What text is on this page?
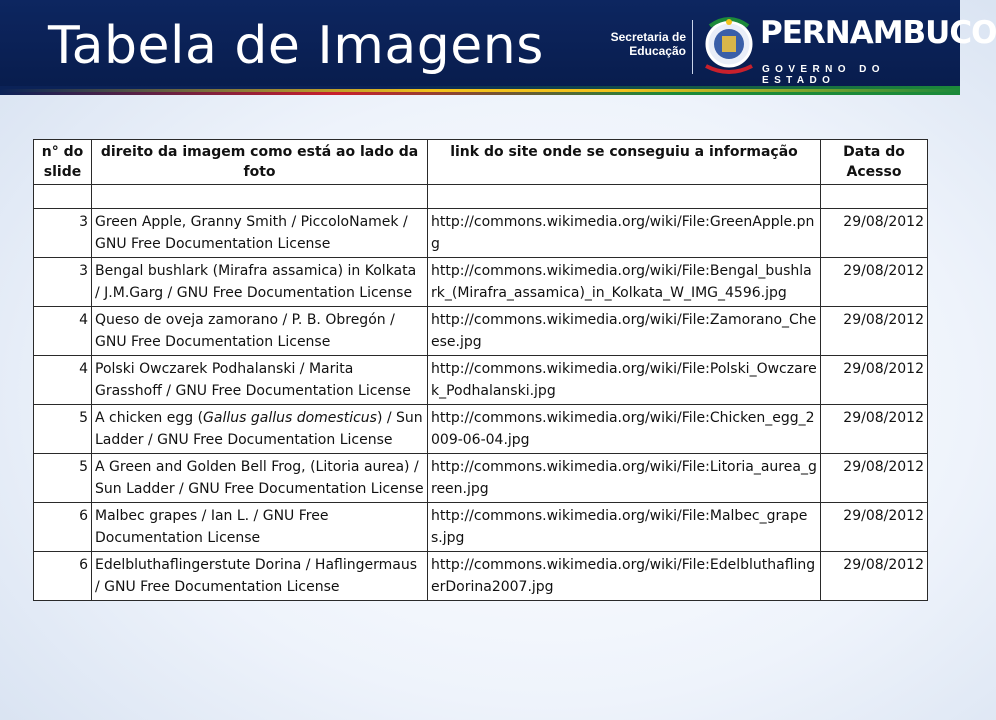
Tabela de Imagens	Secretaria de
Educação PERNAMBUCO
GOVERNO DO ESTADO
n° do slide	direito da imagem como está ao lado da foto	link do site onde se conseguiu a informação	Data do Acesso

3	Green Apple, Granny Smith / PiccoloNamek / GNU Free Documentation License	http://commons.wikimedia.org/wiki/File:GreenApple.png	29/08/2012
3	Bengal bushlark (Mirafra assamica) in Kolkata / J.M.Garg / GNU Free Documentation License	http://commons.wikimedia.org/wiki/File:Bengal_bushlark_(Mirafra_assamica)_in_Kolkata_W_IMG_4596.jpg	29/08/2012
4	Queso de oveja zamorano / P. B. Obregón / GNU Free Documentation License	http://commons.wikimedia.org/wiki/File:Zamorano_Cheese.jpg	29/08/2012
4	Polski Owczarek Podhalanski / Marita Grasshoff / GNU Free Documentation License	http://commons.wikimedia.org/wiki/File:Polski_Owczarek_Podhalanski.jpg	29/08/2012
5	A chicken egg (Gallus gallus domesticus) / Sun Ladder / GNU Free Documentation License	http://commons.wikimedia.org/wiki/File:Chicken_egg_2009-06-04.jpg	29/08/2012
5	A Green and Golden Bell Frog, (Litoria aurea) / Sun Ladder / GNU Free Documentation License	http://commons.wikimedia.org/wiki/File:Litoria_aurea_green.jpg	29/08/2012
6	Malbec grapes / Ian L. / GNU Free Documentation License	http://commons.wikimedia.org/wiki/File:Malbec_grapes.jpg	29/08/2012
6	Edelbluthaflingerstute Dorina / Haflingermaus / GNU Free Documentation License	http://commons.wikimedia.org/wiki/File:EdelbluthaflingerDorina2007.jpg	29/08/2012
